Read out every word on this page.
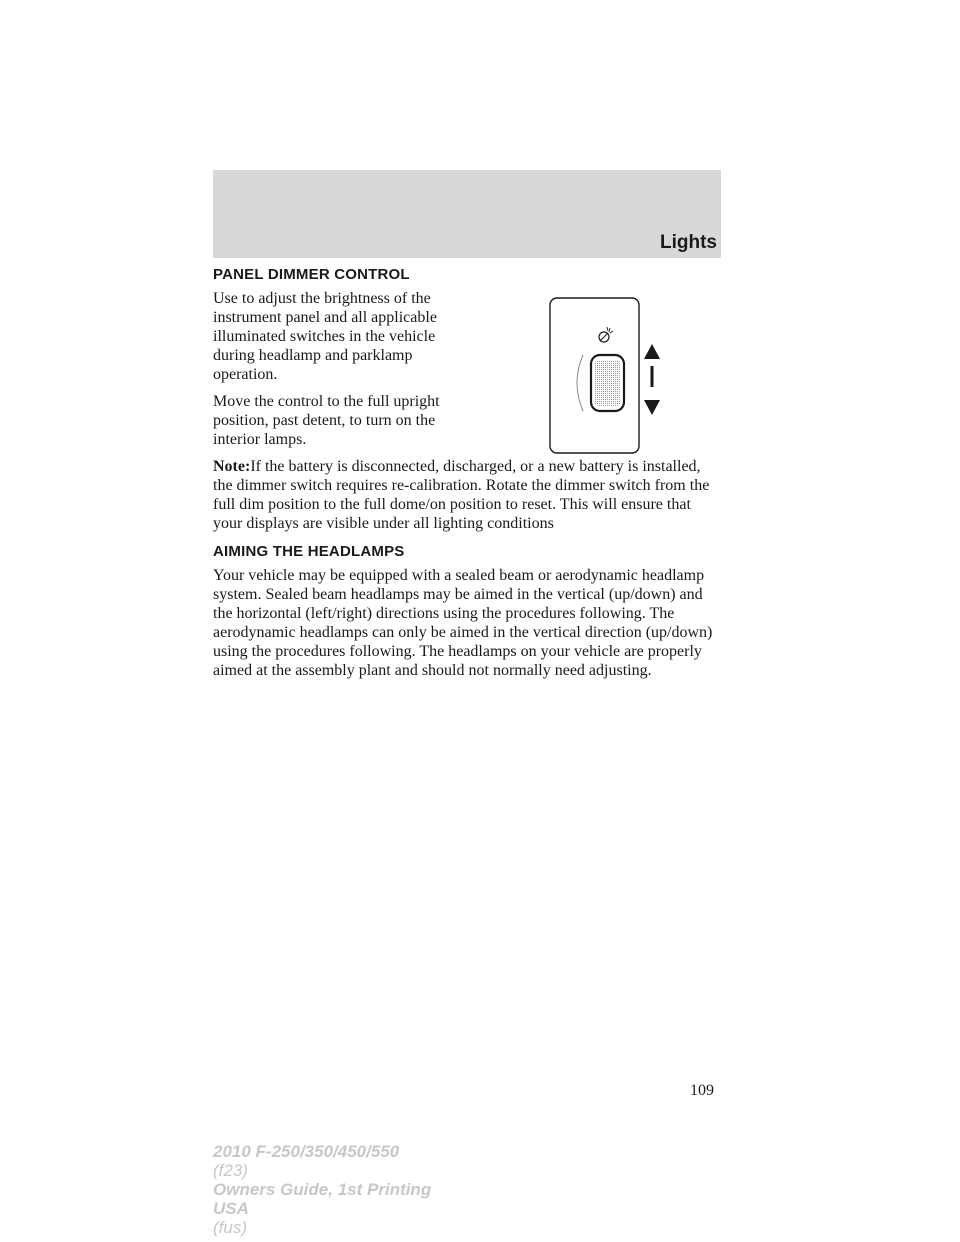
Lights
PANEL DIMMER CONTROL

Use to adjust the brightness of the instrument panel and all applicable illuminated switches in the vehicle during headlamp and parklamp operation.

Move the control to the full upright position, past detent, to turn on the interior lamps.

Note:If the battery is disconnected, discharged, or a new battery is installed, the dimmer switch requires re-calibration. Rotate the dimmer switch from the full dim position to the full dome/on position to reset. This will ensure that your displays are visible under all lighting conditions

AIMING THE HEADLAMPS

Your vehicle may be equipped with a sealed beam or aerodynamic headlamp system. Sealed beam headlamps may be aimed in the vertical (up/down) and the horizontal (left/right) directions using the procedures following. The aerodynamic headlamps can only be aimed in the vertical direction (up/down) using the procedures following. The headlamps on your vehicle are properly aimed at the assembly plant and should not normally need adjusting.

109

2010 F-250/350/450/550
(f23)
Owners Guide, 1st Printing
USA
(fus)
